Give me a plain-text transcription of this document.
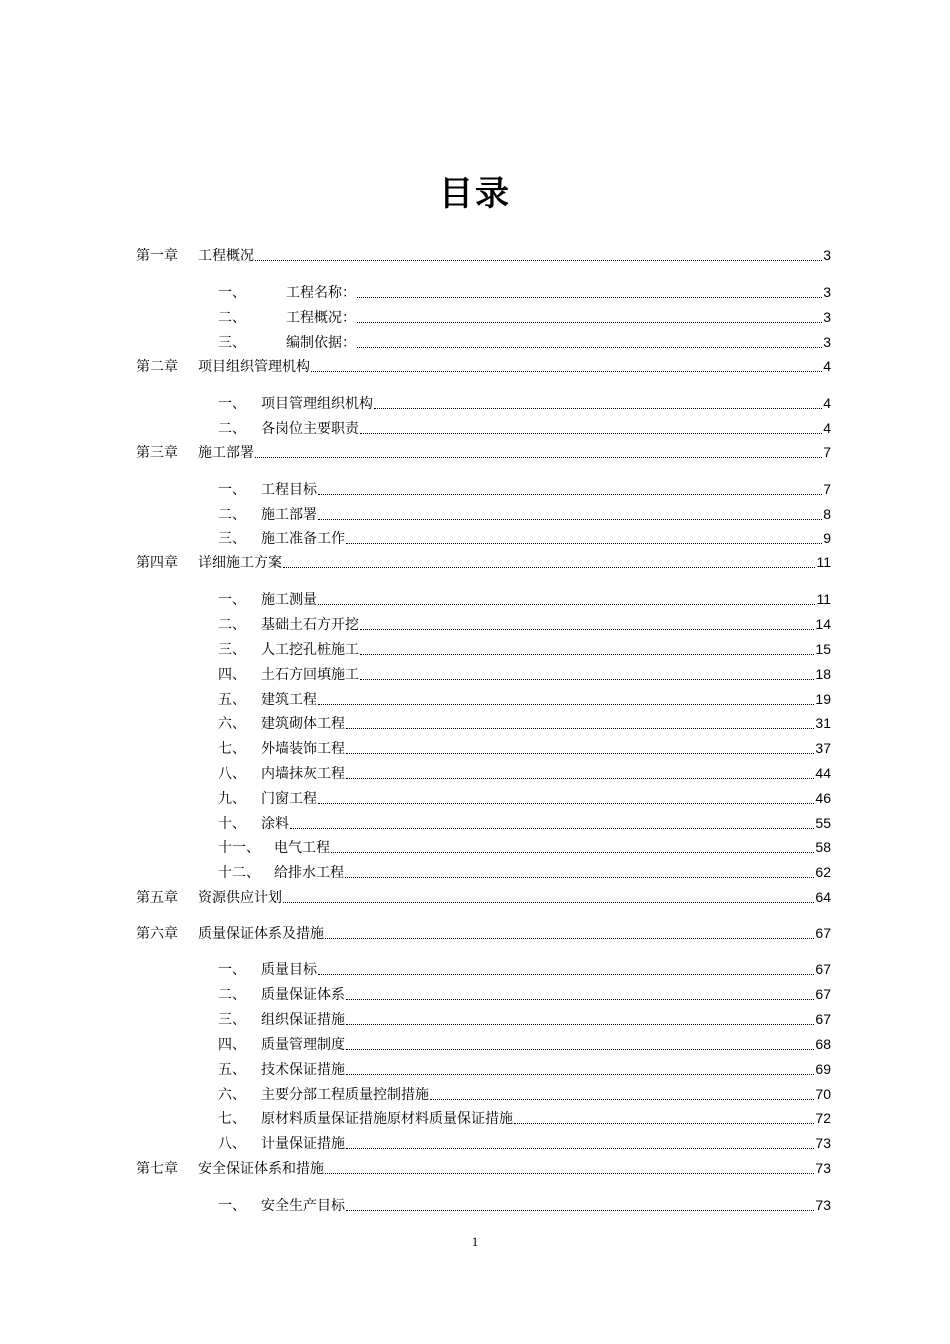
目录
第一章	工程概况	3
一、	工程名称：	3
二、	工程概况：	3
三、	编制依据：	3
第二章	项目组织管理机构	4
一、	项目管理组织机构	4
二、	各岗位主要职责	4
第三章	施工部署	7
一、	工程目标	7
二、	施工部署	8
三、	施工准备工作	9
第四章	详细施工方案	11
一、	施工测量	11
二、	基础土石方开挖	14
三、	人工挖孔桩施工	15
四、	土石方回填施工	18
五、	建筑工程	19
六、	建筑砌体工程	31
七、	外墙装饰工程	37
八、	内墙抹灰工程	44
九、	门窗工程	46
十、	涂料	55
十一、	电气工程	58
十二、	给排水工程	62
第五章	资源供应计划	64
第六章	质量保证体系及措施	67
一、	质量目标	67
二、	质量保证体系	67
三、	组织保证措施	67
四、	质量管理制度	68
五、	技术保证措施	69
六、	主要分部工程质量控制措施	70
七、	原材料质量保证措施原材料质量保证措施	72
八、	计量保证措施	73
第七章	安全保证体系和措施	73
一、	安全生产目标	73
1
